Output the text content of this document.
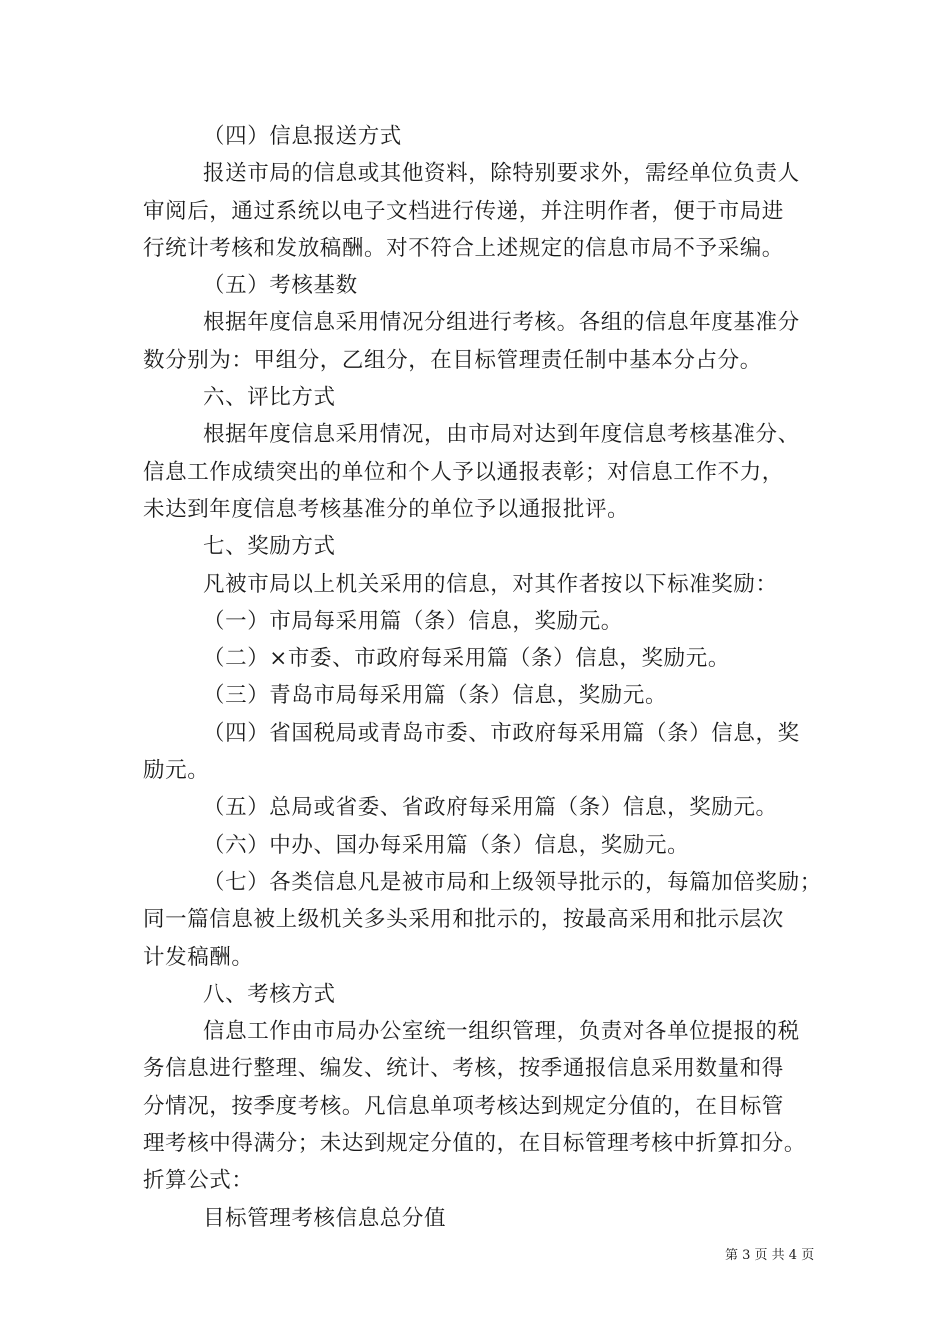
（四）信息报送方式
报送市局的信息或其他资料，除特别要求外，需经单位负责人
审阅后，通过系统以电子文档进行传递，并注明作者，便于市局进
行统计考核和发放稿酬。对不符合上述规定的信息市局不予采编。
（五）考核基数
根据年度信息采用情况分组进行考核。各组的信息年度基准分
数分别为：甲组分，乙组分，在目标管理责任制中基本分占分。
六、评比方式
根据年度信息采用情况，由市局对达到年度信息考核基准分、
信息工作成绩突出的单位和个人予以通报表彰；对信息工作不力，
未达到年度信息考核基准分的单位予以通报批评。
七、奖励方式
凡被市局以上机关采用的信息，对其作者按以下标准奖励：
（一）市局每采用篇（条）信息，奖励元。
（二）×市委、市政府每采用篇（条）信息，奖励元。
（三）青岛市局每采用篇（条）信息，奖励元。
（四）省国税局或青岛市委、市政府每采用篇（条）信息，奖
励元。
（五）总局或省委、省政府每采用篇（条）信息，奖励元。
（六）中办、国办每采用篇（条）信息，奖励元。
（七）各类信息凡是被市局和上级领导批示的，每篇加倍奖励；
同一篇信息被上级机关多头采用和批示的，按最高采用和批示层次
计发稿酬。
八、考核方式
信息工作由市局办公室统一组织管理，负责对各单位提报的税
务信息进行整理、编发、统计、考核，按季通报信息采用数量和得
分情况，按季度考核。凡信息单项考核达到规定分值的，在目标管
理考核中得满分；未达到规定分值的，在目标管理考核中折算扣分。
折算公式：
目标管理考核信息总分值
第 3 页 共 4 页
